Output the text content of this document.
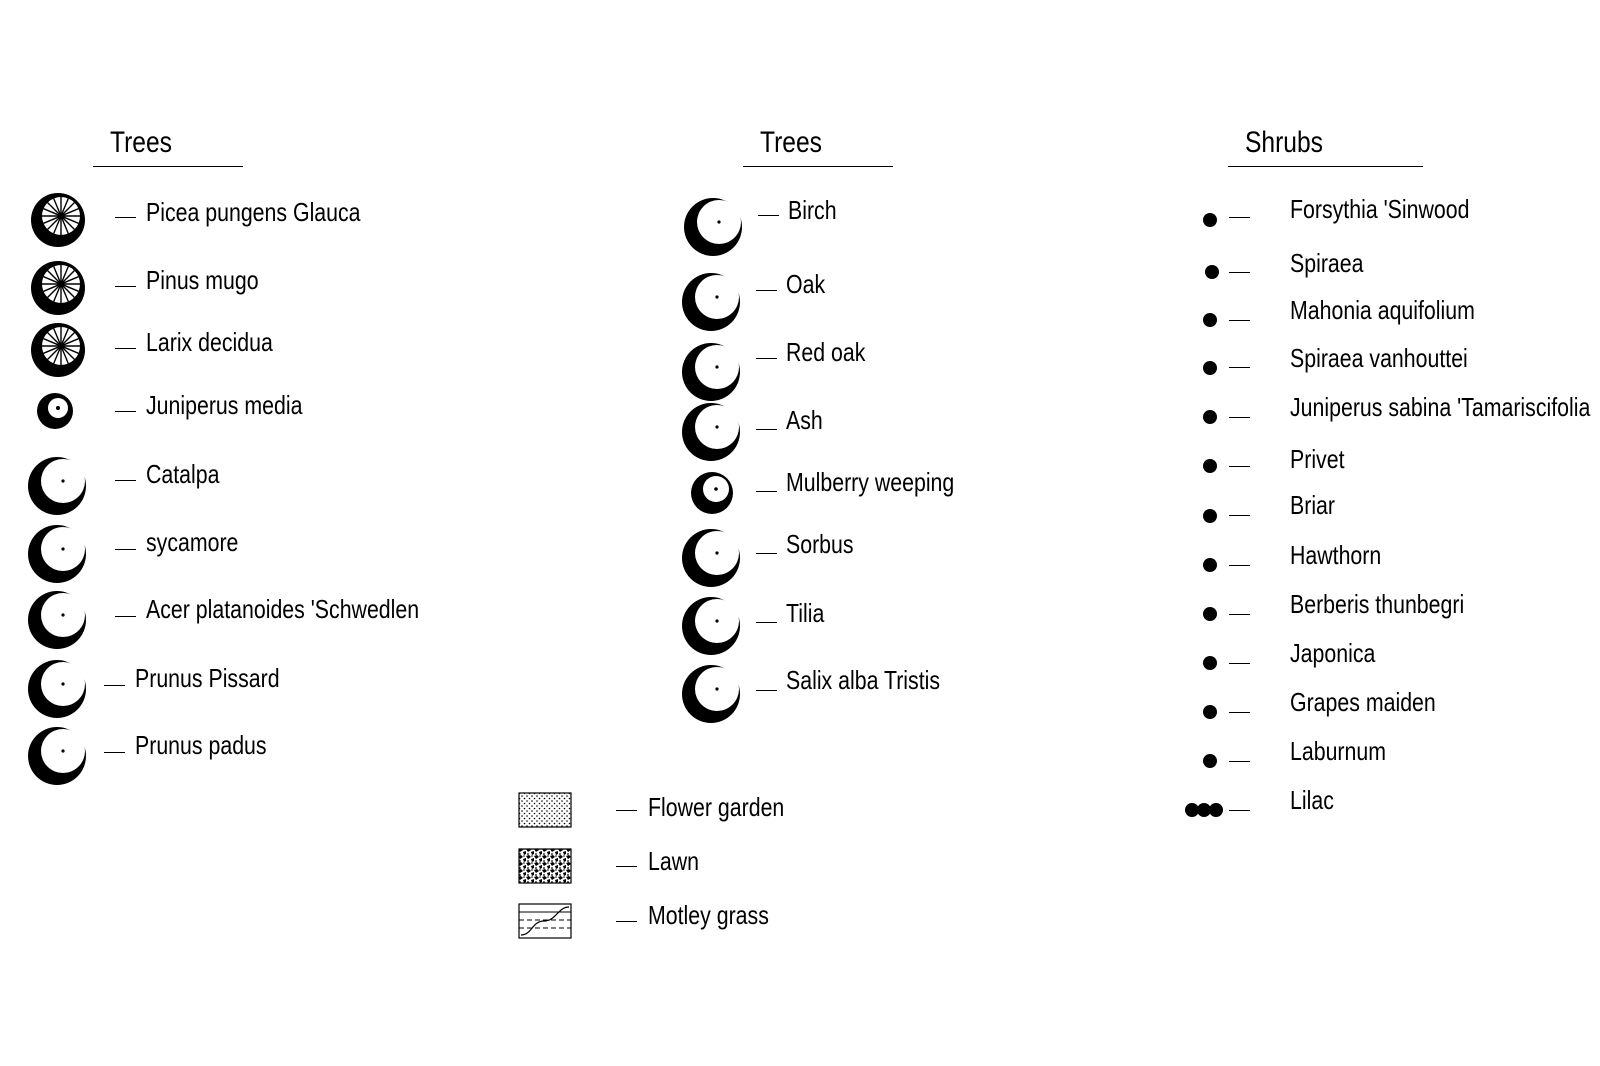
Trees	Trees	Shrubs
Picea pungens Glauca
Pinus mugo
Larix decidua
Juniperus media
Catalpa
sycamore
Acer platanoides 'Schwedlen
Prunus Pissard
Prunus padus
Birch
Oak
Red oak
Ash
Mulberry weeping
Sorbus
Tilia
Salix alba Tristis
Flower garden
Lawn
Motley grass
Forsythia 'Sinwood
Spiraea
Mahonia aquifolium
Spiraea vanhouttei
Juniperus sabina 'Tamariscifolia
Privet
Briar
Hawthorn
Berberis thunbegri
Japonica
Grapes maiden
Laburnum
Lilac
